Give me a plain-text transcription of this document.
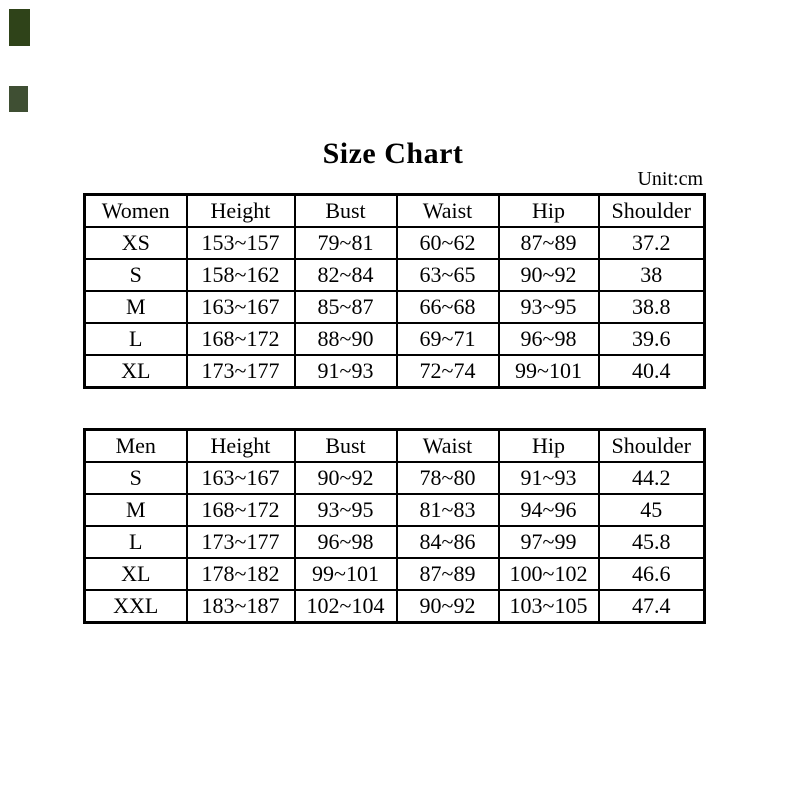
Size Chart
Unit:cm
Women	Height	Bust	Waist	Hip	Shoulder
XS	153~157	79~81	60~62	87~89	37.2
S	158~162	82~84	63~65	90~92	38
M	163~167	85~87	66~68	93~95	38.8
L	168~172	88~90	69~71	96~98	39.6
XL	173~177	91~93	72~74	99~101	40.4
Men	Height	Bust	Waist	Hip	Shoulder
S	163~167	90~92	78~80	91~93	44.2
M	168~172	93~95	81~83	94~96	45
L	173~177	96~98	84~86	97~99	45.8
XL	178~182	99~101	87~89	100~102	46.6
XXL	183~187	102~104	90~92	103~105	47.4
